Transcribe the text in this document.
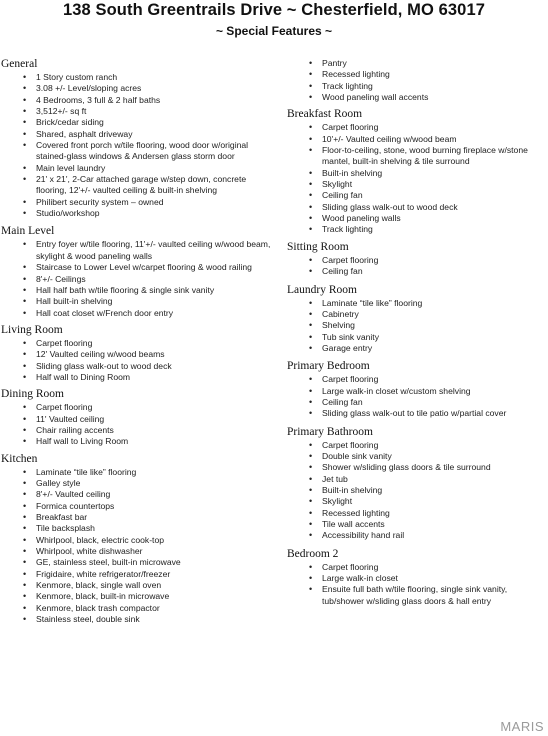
138 South Greentrails Drive ~ Chesterfield, MO 63017
~ Special Features ~
General
• 1 Story custom ranch
• 3.08 +/- Level/sloping acres
• 4 Bedrooms, 3 full & 2 half baths
• 3,512+/- sq ft
• Brick/cedar siding
• Shared, asphalt driveway
• Covered front porch w/tile flooring, wood door w/original stained-glass windows & Andersen glass storm door
• Main level laundry
• 21' x 21', 2-Car attached garage w/step down, concrete flooring, 12'+/- vaulted ceiling & built-in shelving
• Philibert security system – owned
• Studio/workshop
Main Level
• Entry foyer w/tile flooring, 11'+/- vaulted ceiling w/wood beam, skylight & wood paneling walls
• Staircase to Lower Level w/carpet flooring & wood railing
• 8'+/- Ceilings
• Hall half bath w/tile flooring & single sink vanity
• Hall built-in shelving
• Hall coat closet w/French door entry
Living Room
• Carpet flooring
• 12' Vaulted ceiling w/wood beams
• Sliding glass walk-out to wood deck
• Half wall to Dining Room
Dining Room
• Carpet flooring
• 11' Vaulted ceiling
• Chair railing accents
• Half wall to Living Room
Kitchen
• Laminate “tile like” flooring
• Galley style
• 8'+/- Vaulted ceiling
• Formica countertops
• Breakfast bar
• Tile backsplash
• Whirlpool, black, electric cook-top
• Whirlpool, white dishwasher
• GE, stainless steel, built-in microwave
• Frigidaire, white refrigerator/freezer
• Kenmore, black, single wall oven
• Kenmore, black, built-in microwave
• Kenmore, black trash compactor
• Stainless steel, double sink
• Pantry
• Recessed lighting
• Track lighting
• Wood paneling wall accents
Breakfast Room
• Carpet flooring
• 10'+/- Vaulted ceiling w/wood beam
• Floor-to-ceiling, stone, wood burning fireplace w/stone mantel, built-in shelving & tile surround
• Built-in shelving
• Skylight
• Ceiling fan
• Sliding glass walk-out to wood deck
• Wood paneling walls
• Track lighting
Sitting Room
• Carpet flooring
• Ceiling fan
Laundry Room
• Laminate “tile like” flooring
• Cabinetry
• Shelving
• Tub sink vanity
• Garage entry
Primary Bedroom
• Carpet flooring
• Large walk-in closet w/custom shelving
• Ceiling fan
• Sliding glass walk-out to tile patio w/partial cover
Primary Bathroom
• Carpet flooring
• Double sink vanity
• Shower w/sliding glass doors & tile surround
• Jet tub
• Built-in shelving
• Skylight
• Recessed lighting
• Tile wall accents
• Accessibility hand rail
Bedroom 2
• Carpet flooring
• Large walk-in closet
• Ensuite full bath w/tile flooring, single sink vanity, tub/shower w/sliding glass doors & hall entry
MARIS
